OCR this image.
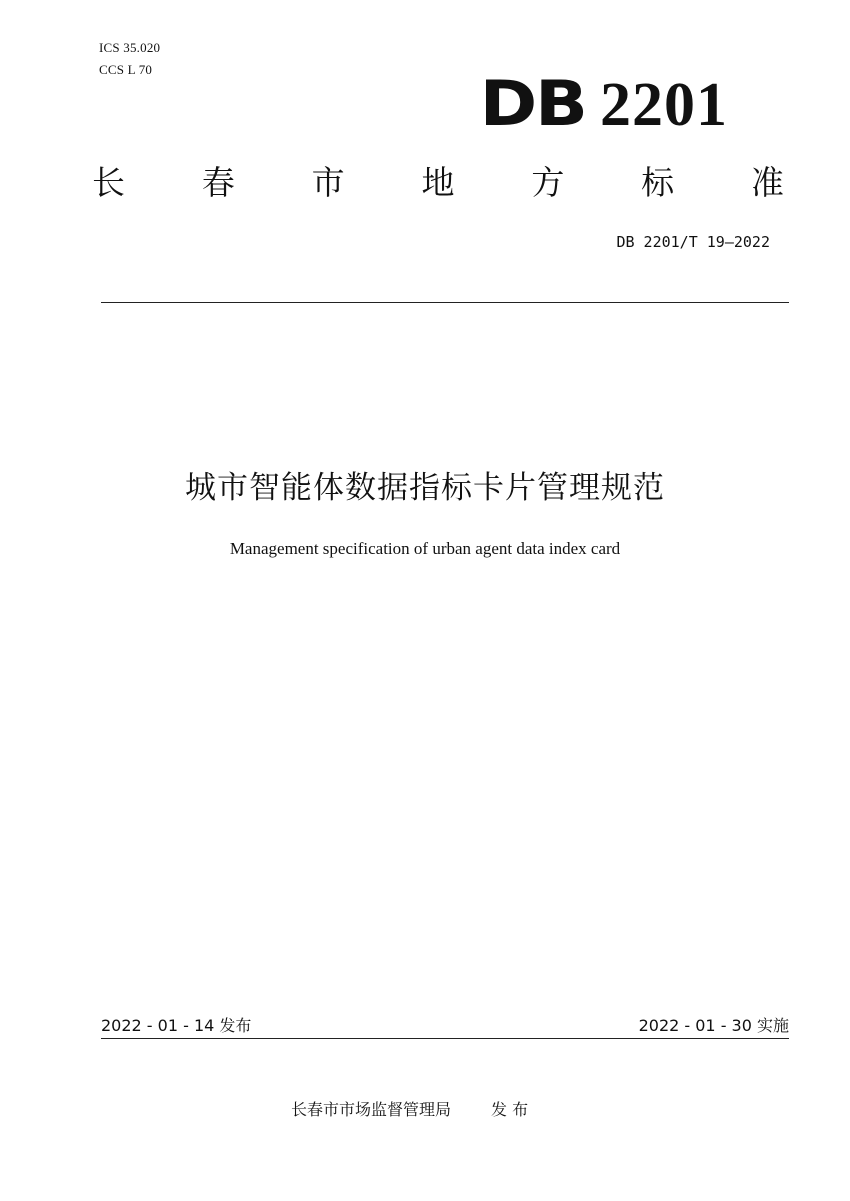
ICS 35.020
CCS L 70	DB 2201
长 春 市 地 方 标 准
DB 2201/T 19—2022
城市智能体数据指标卡片管理规范
Management specification of urban agent data index card
2022 - 01 - 14 发布	2022 - 01 - 30 实施
长春市市场监督管理局	发 布
